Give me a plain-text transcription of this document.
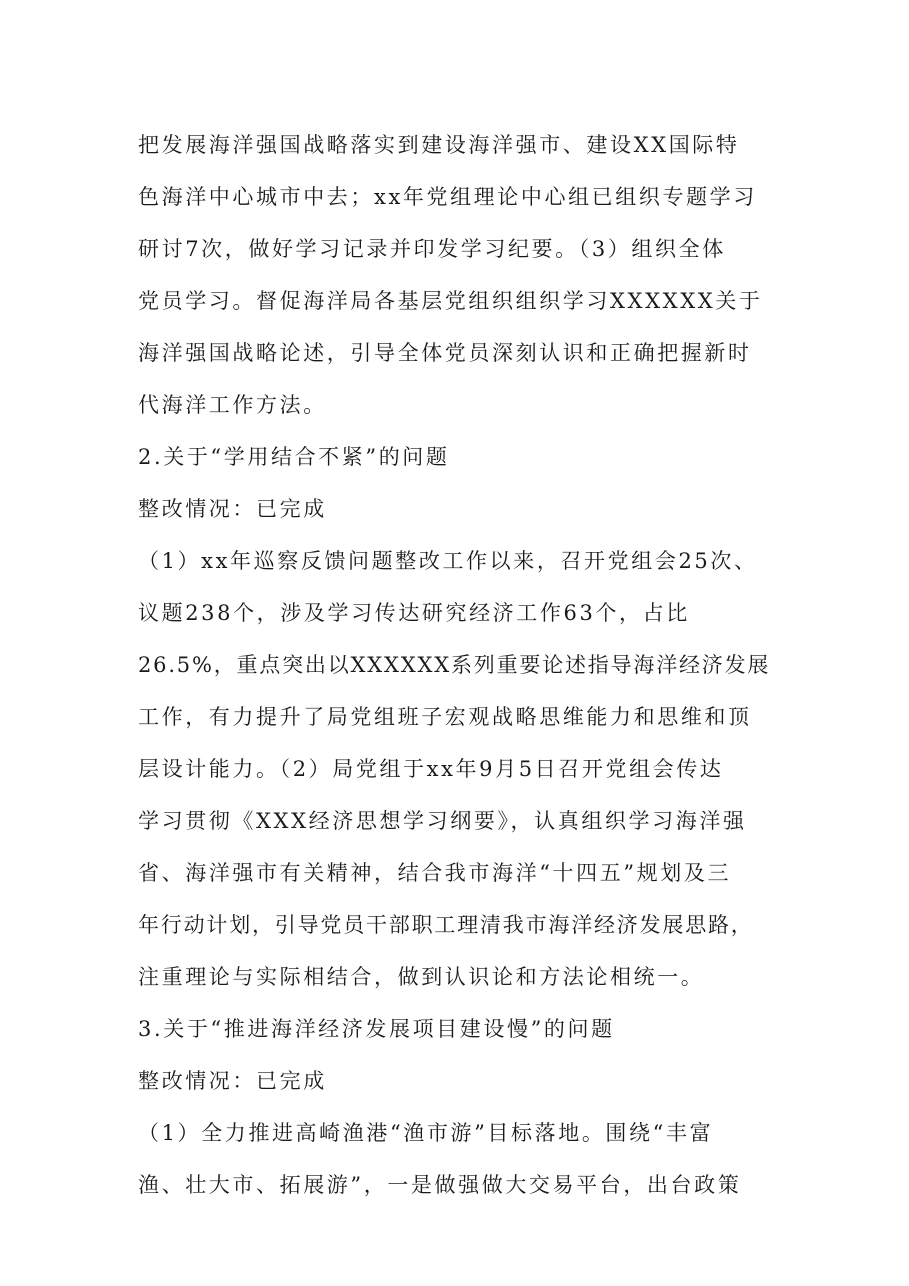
把发展海洋强国战略落实到建设海洋强市、建设XX国际特
色海洋中心城市中去；xx年党组理论中心组已组织专题学习
研讨7次，做好学习记录并印发学习纪要。（3）组织全体
党员学习。督促海洋局各基层党组织组织学习XXXXXX关于
海洋强国战略论述，引导全体党员深刻认识和正确把握新时
代海洋工作方法。
2.关于“学用结合不紧”的问题
整改情况：已完成
（1）xx年巡察反馈问题整改工作以来，召开党组会25次、
议题238个，涉及学习传达研究经济工作63个，占比
26.5%，重点突出以XXXXXX系列重要论述指导海洋经济发展
工作，有力提升了局党组班子宏观战略思维能力和思维和顶
层设计能力。（2）局党组于xx年9月5日召开党组会传达
学习贯彻《XXX经济思想学习纲要》，认真组织学习海洋强
省、海洋强市有关精神，结合我市海洋“十四五”规划及三
年行动计划，引导党员干部职工理清我市海洋经济发展思路，
注重理论与实际相结合，做到认识论和方法论相统一。
3.关于“推进海洋经济发展项目建设慢”的问题
整改情况：已完成
（1）全力推进高崎渔港“渔市游”目标落地。围绕“丰富
渔、壮大市、拓展游”，一是做强做大交易平台，出台政策
